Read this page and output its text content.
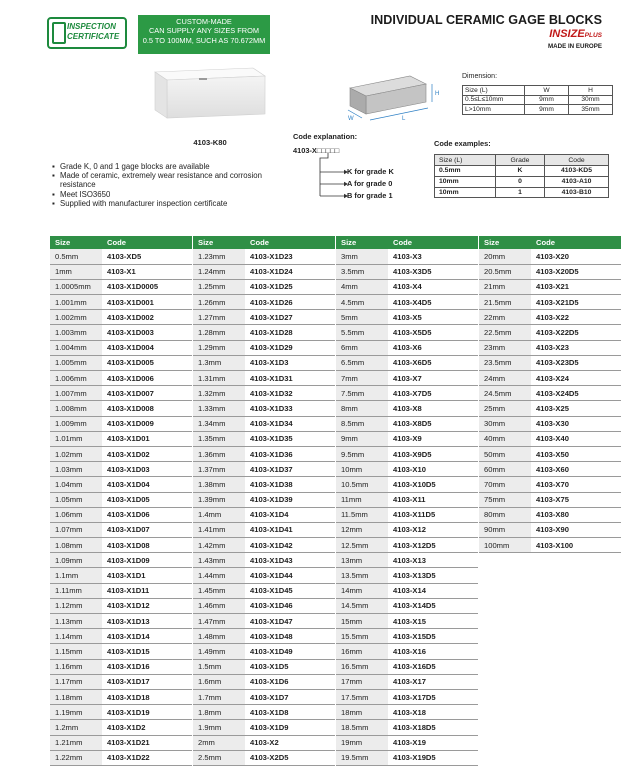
INSPECTION CERTIFICATE
CUSTOM-MADE
CAN SUPPLY ANY SIZES FROM
0.5 TO 100MM, SUCH AS 70.672MM
INDIVIDUAL CERAMIC GAGE BLOCKS
INSIZEPLUS
MADE IN EUROPE
4103-K80
H
W	L
Dimension:
Size (L)	W	H
0.5≤L≤10mm	9mm	30mm
L>10mm	9mm	35mm
Code explanation:
4103-X□□□□□
K for grade K
A for grade 0
B for grade 1
Code examples:
Size (L)	Grade	Code
0.5mm	K	4103-KD5
10mm	0	4103-A10
10mm	1	4103-B10
▪ Grade K, 0 and 1 gage blocks are available
▪ Made of ceramic, extremely wear resistance and corrosion resistance
▪ Meet ISO3650
▪ Supplied with manufacturer inspection certificate
Size	Code
0.5mm	4103-XD5
1mm	4103-X1
1.0005mm	4103-X1D0005
1.001mm	4103-X1D001
1.002mm	4103-X1D002
1.003mm	4103-X1D003
1.004mm	4103-X1D004
1.005mm	4103-X1D005
1.006mm	4103-X1D006
1.007mm	4103-X1D007
1.008mm	4103-X1D008
1.009mm	4103-X1D009
1.01mm	4103-X1D01
1.02mm	4103-X1D02
1.03mm	4103-X1D03
1.04mm	4103-X1D04
1.05mm	4103-X1D05
1.06mm	4103-X1D06
1.07mm	4103-X1D07
1.08mm	4103-X1D08
1.09mm	4103-X1D09
1.1mm	4103-X1D1
1.11mm	4103-X1D11
1.12mm	4103-X1D12
1.13mm	4103-X1D13
1.14mm	4103-X1D14
1.15mm	4103-X1D15
1.16mm	4103-X1D16
1.17mm	4103-X1D17
1.18mm	4103-X1D18
1.19mm	4103-X1D19
1.2mm	4103-X1D2
1.21mm	4103-X1D21
1.22mm	4103-X1D22
Size	Code
1.23mm	4103-X1D23
1.24mm	4103-X1D24
1.25mm	4103-X1D25
1.26mm	4103-X1D26
1.27mm	4103-X1D27
1.28mm	4103-X1D28
1.29mm	4103-X1D29
1.3mm	4103-X1D3
1.31mm	4103-X1D31
1.32mm	4103-X1D32
1.33mm	4103-X1D33
1.34mm	4103-X1D34
1.35mm	4103-X1D35
1.36mm	4103-X1D36
1.37mm	4103-X1D37
1.38mm	4103-X1D38
1.39mm	4103-X1D39
1.4mm	4103-X1D4
1.41mm	4103-X1D41
1.42mm	4103-X1D42
1.43mm	4103-X1D43
1.44mm	4103-X1D44
1.45mm	4103-X1D45
1.46mm	4103-X1D46
1.47mm	4103-X1D47
1.48mm	4103-X1D48
1.49mm	4103-X1D49
1.5mm	4103-X1D5
1.6mm	4103-X1D6
1.7mm	4103-X1D7
1.8mm	4103-X1D8
1.9mm	4103-X1D9
2mm	4103-X2
2.5mm	4103-X2D5
Size	Code
3mm	4103-X3
3.5mm	4103-X3D5
4mm	4103-X4
4.5mm	4103-X4D5
5mm	4103-X5
5.5mm	4103-X5D5
6mm	4103-X6
6.5mm	4103-X6D5
7mm	4103-X7
7.5mm	4103-X7D5
8mm	4103-X8
8.5mm	4103-X8D5
9mm	4103-X9
9.5mm	4103-X9D5
10mm	4103-X10
10.5mm	4103-X10D5
11mm	4103-X11
11.5mm	4103-X11D5
12mm	4103-X12
12.5mm	4103-X12D5
13mm	4103-X13
13.5mm	4103-X13D5
14mm	4103-X14
14.5mm	4103-X14D5
15mm	4103-X15
15.5mm	4103-X15D5
16mm	4103-X16
16.5mm	4103-X16D5
17mm	4103-X17
17.5mm	4103-X17D5
18mm	4103-X18
18.5mm	4103-X18D5
19mm	4103-X19
19.5mm	4103-X19D5
Size	Code
20mm	4103-X20
20.5mm	4103-X20D5
21mm	4103-X21
21.5mm	4103-X21D5
22mm	4103-X22
22.5mm	4103-X22D5
23mm	4103-X23
23.5mm	4103-X23D5
24mm	4103-X24
24.5mm	4103-X24D5
25mm	4103-X25
30mm	4103-X30
40mm	4103-X40
50mm	4103-X50
60mm	4103-X60
70mm	4103-X70
75mm	4103-X75
80mm	4103-X80
90mm	4103-X90
100mm	4103-X100
